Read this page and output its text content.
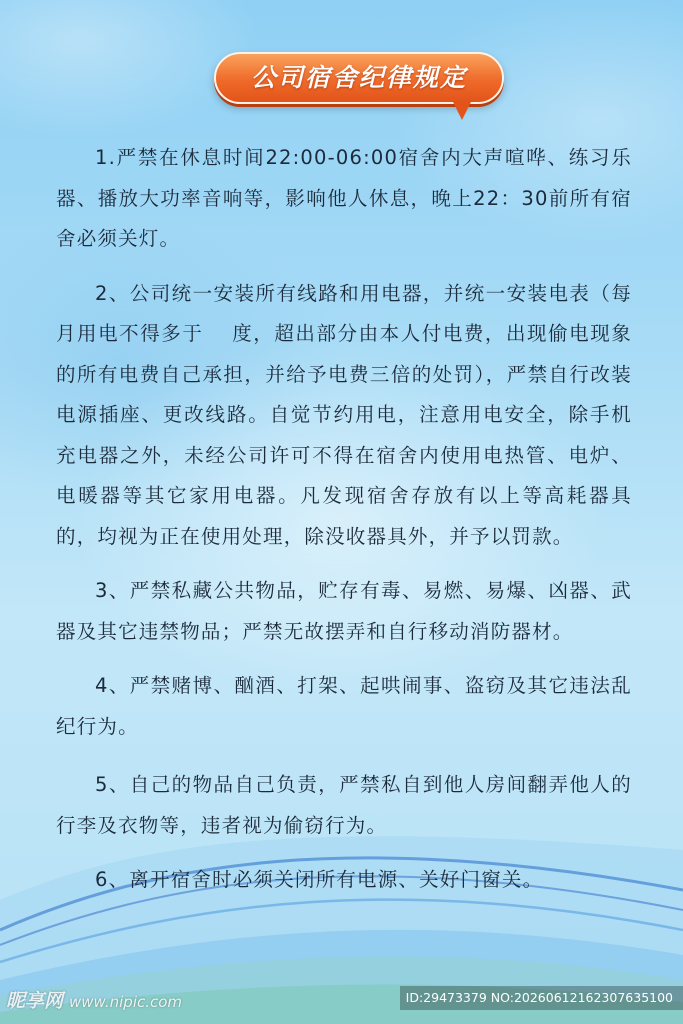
公司宿舍纪律规定

1.严禁在休息时间22:00-06:00宿舍内大声喧哗、练习乐器、播放大功率音响等，影响他人休息，晚上22：30前所有宿舍必须关灯。

2、公司统一安装所有线路和用电器，并统一安装电表（每月用电不得多于　 度，超出部分由本人付电费，出现偷电现象的所有电费自己承担，并给予电费三倍的处罚），严禁自行改装电源插座、更改线路。自觉节约用电，注意用电安全，除手机充电器之外，未经公司许可不得在宿舍内使用电热管、电炉、电暖器等其它家用电器。凡发现宿舍存放有以上等高耗器具的，均视为正在使用处理，除没收器具外，并予以罚款。

3、严禁私藏公共物品，贮存有毒、易燃、易爆、凶器、武器及其它违禁物品；严禁无故摆弄和自行移动消防器材。

4、严禁赌博、酗酒、打架、起哄闹事、盗窃及其它违法乱纪行为。

5、自己的物品自己负责，严禁私自到他人房间翻弄他人的行李及衣物等，违者视为偷窃行为。

6、离开宿舍时必须关闭所有电源、关好门窗关。

昵享网 www.nipic.com	ID:29473379 NO:20260612162307635100
